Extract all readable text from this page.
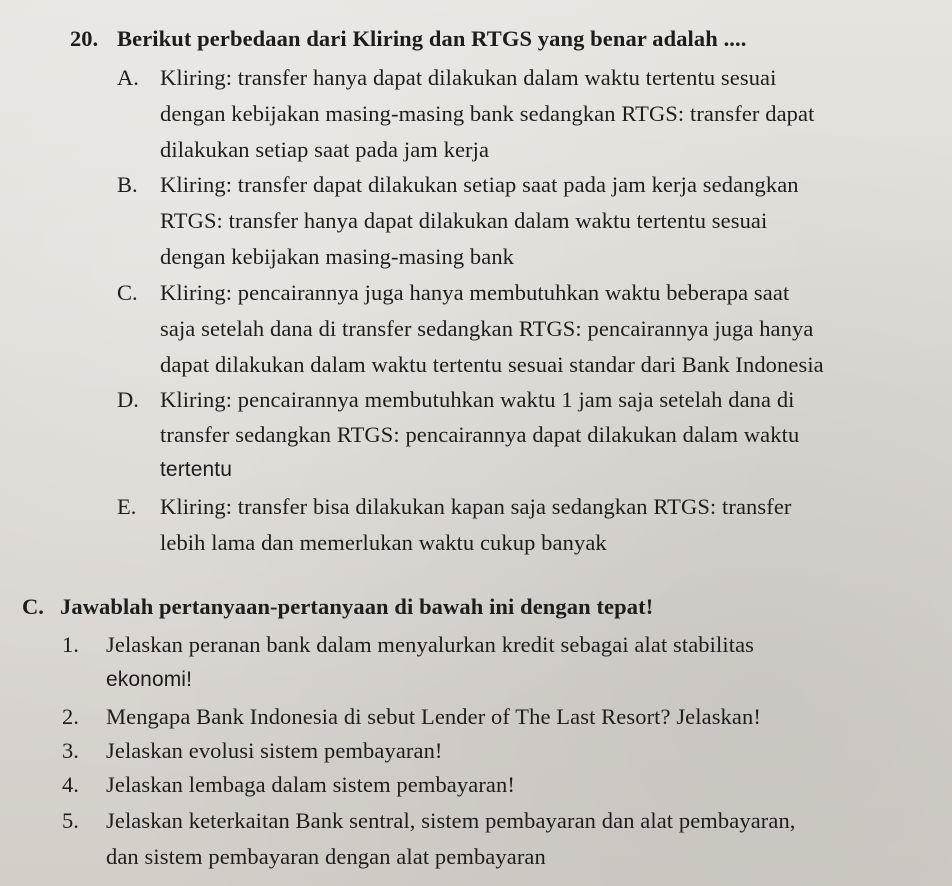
20. Berikut perbedaan dari Kliring dan RTGS yang benar adalah ....
A. Kliring: transfer hanya dapat dilakukan dalam waktu tertentu sesuai
dengan kebijakan masing-masing bank sedangkan RTGS: transfer dapat
dilakukan setiap saat pada jam kerja
B. Kliring: transfer dapat dilakukan setiap saat pada jam kerja sedangkan
RTGS: transfer hanya dapat dilakukan dalam waktu tertentu sesuai
dengan kebijakan masing-masing bank
C. Kliring: pencairannya juga hanya membutuhkan waktu beberapa saat
saja setelah dana di transfer sedangkan RTGS: pencairannya juga hanya
dapat dilakukan dalam waktu tertentu sesuai standar dari Bank Indonesia
D. Kliring: pencairannya membutuhkan waktu 1 jam saja setelah dana di
transfer sedangkan RTGS: pencairannya dapat dilakukan dalam waktu
tertentu
E. Kliring: transfer bisa dilakukan kapan saja sedangkan RTGS: transfer
lebih lama dan memerlukan waktu cukup banyak
C. Jawablah pertanyaan-pertanyaan di bawah ini dengan tepat!
1. Jelaskan peranan bank dalam menyalurkan kredit sebagai alat stabilitas
ekonomi!
2. Mengapa Bank Indonesia di sebut Lender of The Last Resort? Jelaskan!
3. Jelaskan evolusi sistem pembayaran!
4. Jelaskan lembaga dalam sistem pembayaran!
5. Jelaskan keterkaitan Bank sentral, sistem pembayaran dan alat pembayaran,
dan sistem pembayaran dengan alat pembayaran
